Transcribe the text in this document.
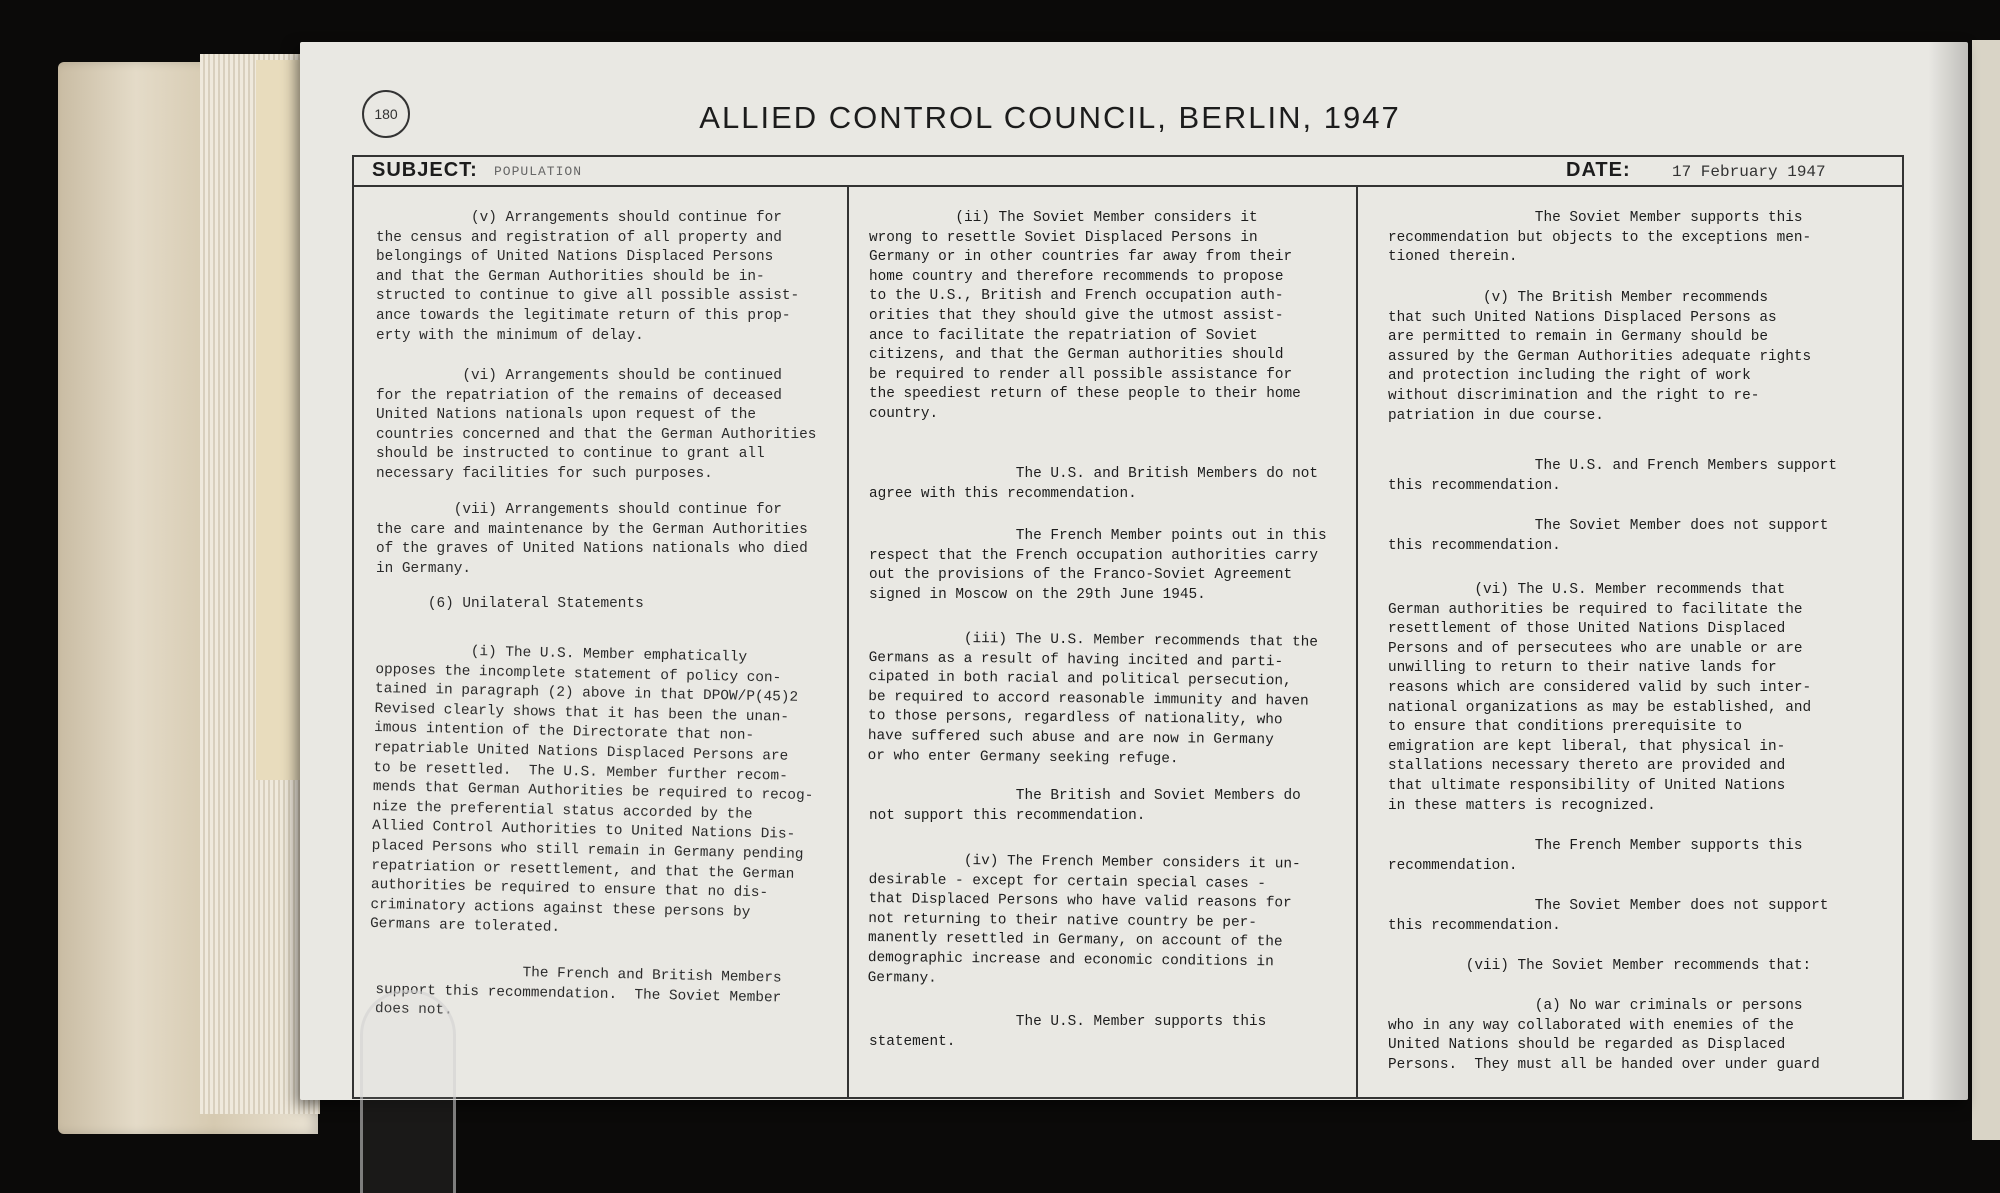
180	ALLIED CONTROL COUNCIL, BERLIN, 1947
SUBJECT: POPULATION	DATE:	17 February 1947
(v) Arrangements should continue for
the census and registration of all property and
belongings of United Nations Displaced Persons
and that the German Authorities should be in-
structed to continue to give all possible assist-
ance towards the legitimate return of this prop-
erty with the minimum of delay.
(vi) Arrangements should be continued
for the repatriation of the remains of deceased
United Nations nationals upon request of the
countries concerned and that the German Authorities
should be instructed to continue to grant all
necessary facilities for such purposes.
(vii) Arrangements should continue for
the care and maintenance by the German Authorities
of the graves of United Nations nationals who died
in Germany.
(6) Unilateral Statements
(i) The U.S. Member emphatically
opposes the incomplete statement of policy con-
tained in paragraph (2) above in that DPOW/P(45)2
Revised clearly shows that it has been the unan-
imous intention of the Directorate that non-
repatriable United Nations Displaced Persons are
to be resettled.  The U.S. Member further recom-
mends that German Authorities be required to recog-
nize the preferential status accorded by the
Allied Control Authorities to United Nations Dis-
placed Persons who still remain in Germany pending
repatriation or resettlement, and that the German
authorities be required to ensure that no dis-
criminatory actions against these persons by
Germans are tolerated.
The French and British Members
support this recommendation.  The Soviet Member
does not.
(ii) The Soviet Member considers it
wrong to resettle Soviet Displaced Persons in
Germany or in other countries far away from their
home country and therefore recommends to propose
to the U.S., British and French occupation auth-
orities that they should give the utmost assist-
ance to facilitate the repatriation of Soviet
citizens, and that the German authorities should
be required to render all possible assistance for
the speediest return of these people to their home
country.
The U.S. and British Members do not
agree with this recommendation.
The French Member points out in this
respect that the French occupation authorities carry
out the provisions of the Franco-Soviet Agreement
signed in Moscow on the 29th June 1945.
(iii) The U.S. Member recommends that the
Germans as a result of having incited and parti-
cipated in both racial and political persecution,
be required to accord reasonable immunity and haven
to those persons, regardless of nationality, who
have suffered such abuse and are now in Germany
or who enter Germany seeking refuge.
The British and Soviet Members do
not support this recommendation.
(iv) The French Member considers it un-
desirable - except for certain special cases -
that Displaced Persons who have valid reasons for
not returning to their native country be per-
manently resettled in Germany, on account of the
demographic increase and economic conditions in
Germany.
The U.S. Member supports this
statement.
The Soviet Member supports this
recommendation but objects to the exceptions men-
tioned therein.
(v) The British Member recommends
that such United Nations Displaced Persons as
are permitted to remain in Germany should be
assured by the German Authorities adequate rights
and protection including the right of work
without discrimination and the right to re-
patriation in due course.
The U.S. and French Members support
this recommendation.
The Soviet Member does not support
this recommendation.
(vi) The U.S. Member recommends that
German authorities be required to facilitate the
resettlement of those United Nations Displaced
Persons and of persecutees who are unable or are
unwilling to return to their native lands for
reasons which are considered valid by such inter-
national organizations as may be established, and
to ensure that conditions prerequisite to
emigration are kept liberal, that physical in-
stallations necessary thereto are provided and
that ultimate responsibility of United Nations
in these matters is recognized.
The French Member supports this
recommendation.
The Soviet Member does not support
this recommendation.
(vii) The Soviet Member recommends that:
(a) No war criminals or persons
who in any way collaborated with enemies of the
United Nations should be regarded as Displaced
Persons.  They must all be handed over under guard
